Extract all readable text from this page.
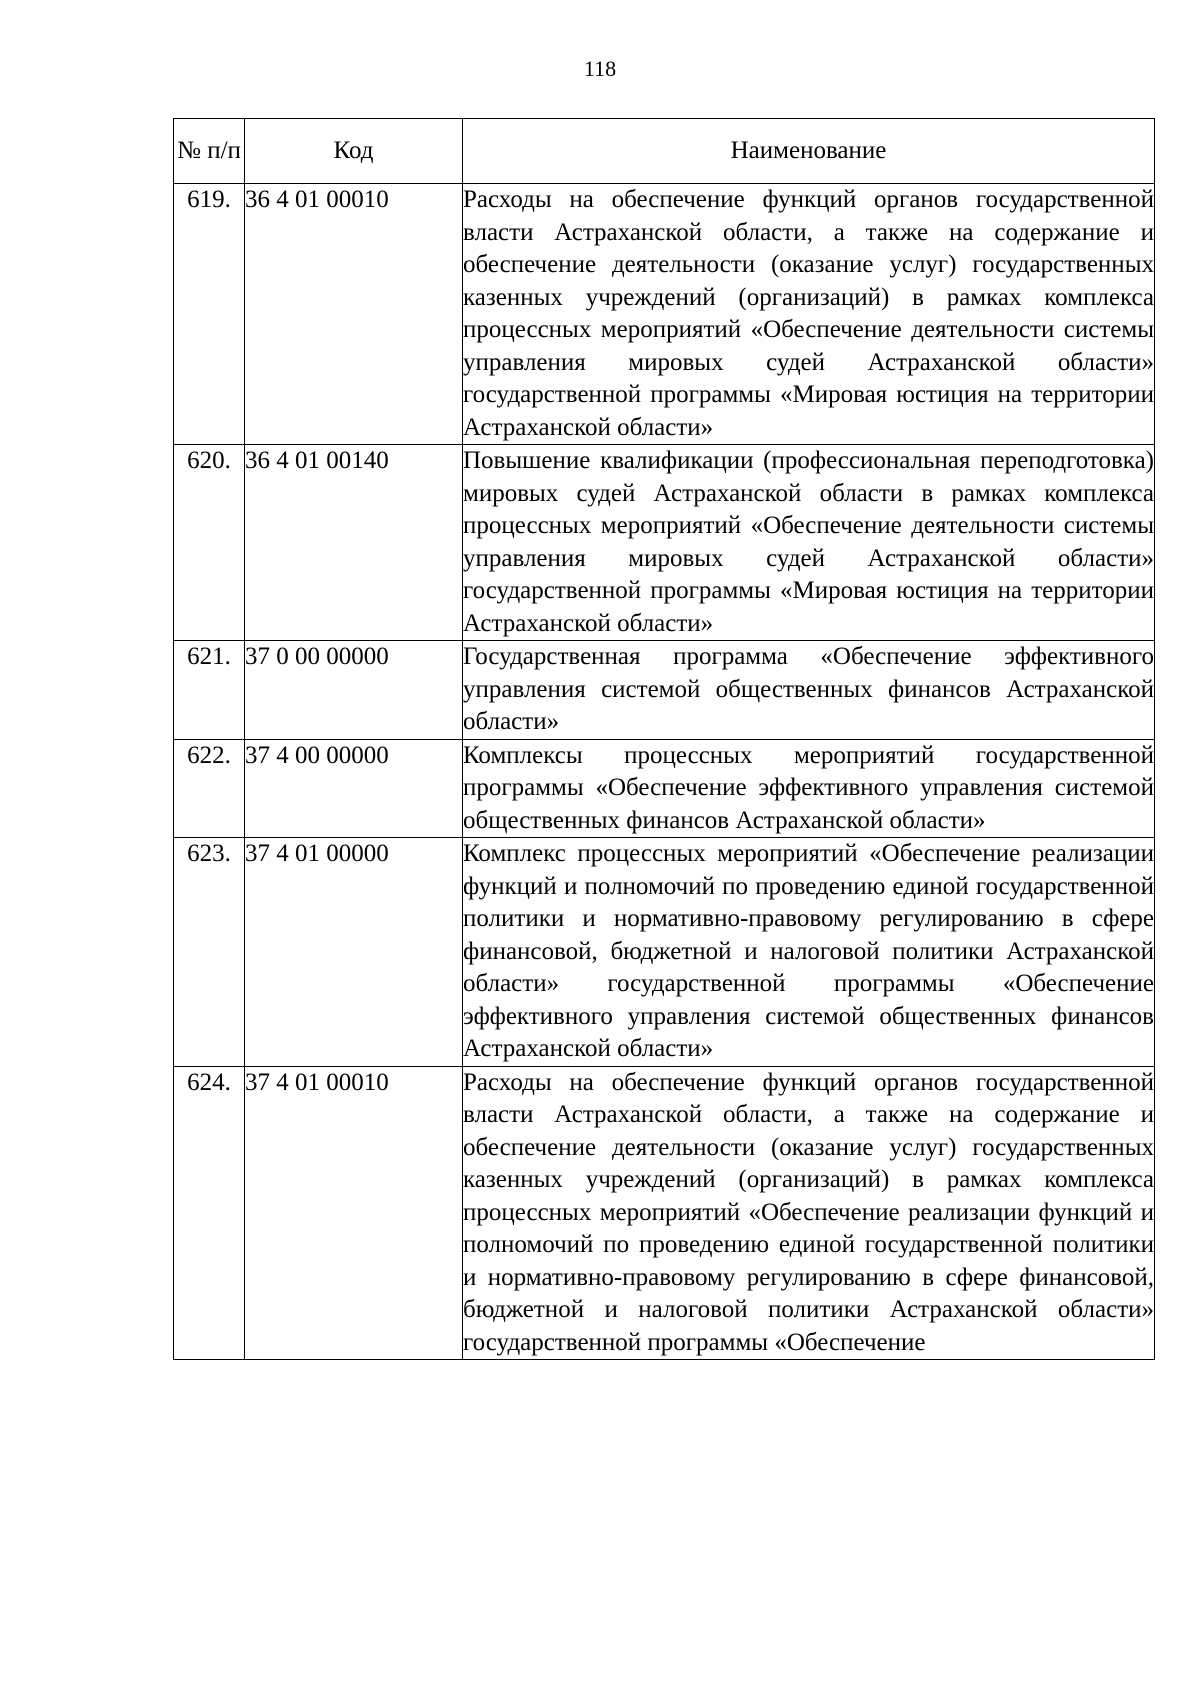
118
№ п/п	Код	Наименование
619.	36 4 01 00010	Расходы на обеспечение функций органов государственной власти Астраханской области, а также на содержание и обеспечение деятельности (оказание услуг) государственных казенных учреждений (организаций) в рамках комплекса процессных мероприятий «Обеспечение деятельности системы управления мировых судей Астраханской области» государственной программы «Мировая юстиция на территории Астраханской области»
620.	36 4 01 00140	Повышение квалификации (профессиональная переподготовка) мировых судей Астраханской области в рамках комплекса процессных мероприятий «Обеспечение деятельности системы управления мировых судей Астраханской области» государственной программы «Мировая юстиция на территории Астраханской области»
621.	37 0 00 00000	Государственная программа «Обеспечение эффективного управления системой общественных финансов Астраханской области»
622.	37 4 00 00000	Комплексы процессных мероприятий государственной программы «Обеспечение эффективного управления системой общественных финансов Астраханской области»
623.	37 4 01 00000	Комплекс процессных мероприятий «Обеспечение реализации функций и полномочий по проведению единой государственной политики и нормативно-правовому регулированию в сфере финансовой, бюджетной и налоговой политики Астраханской области» государственной программы «Обеспечение эффективного управления системой общественных финансов Астраханской области»
624.	37 4 01 00010	Расходы на обеспечение функций органов государственной власти Астраханской области, а также на содержание и обеспечение деятельности (оказание услуг) государственных казенных учреждений (организаций) в рамках комплекса процессных мероприятий «Обеспечение реализации функций и полномочий по проведению единой государственной политики и нормативно-правовому регулированию в сфере финансовой, бюджетной и налоговой политики Астраханской области» государственной программы «Обеспечение
